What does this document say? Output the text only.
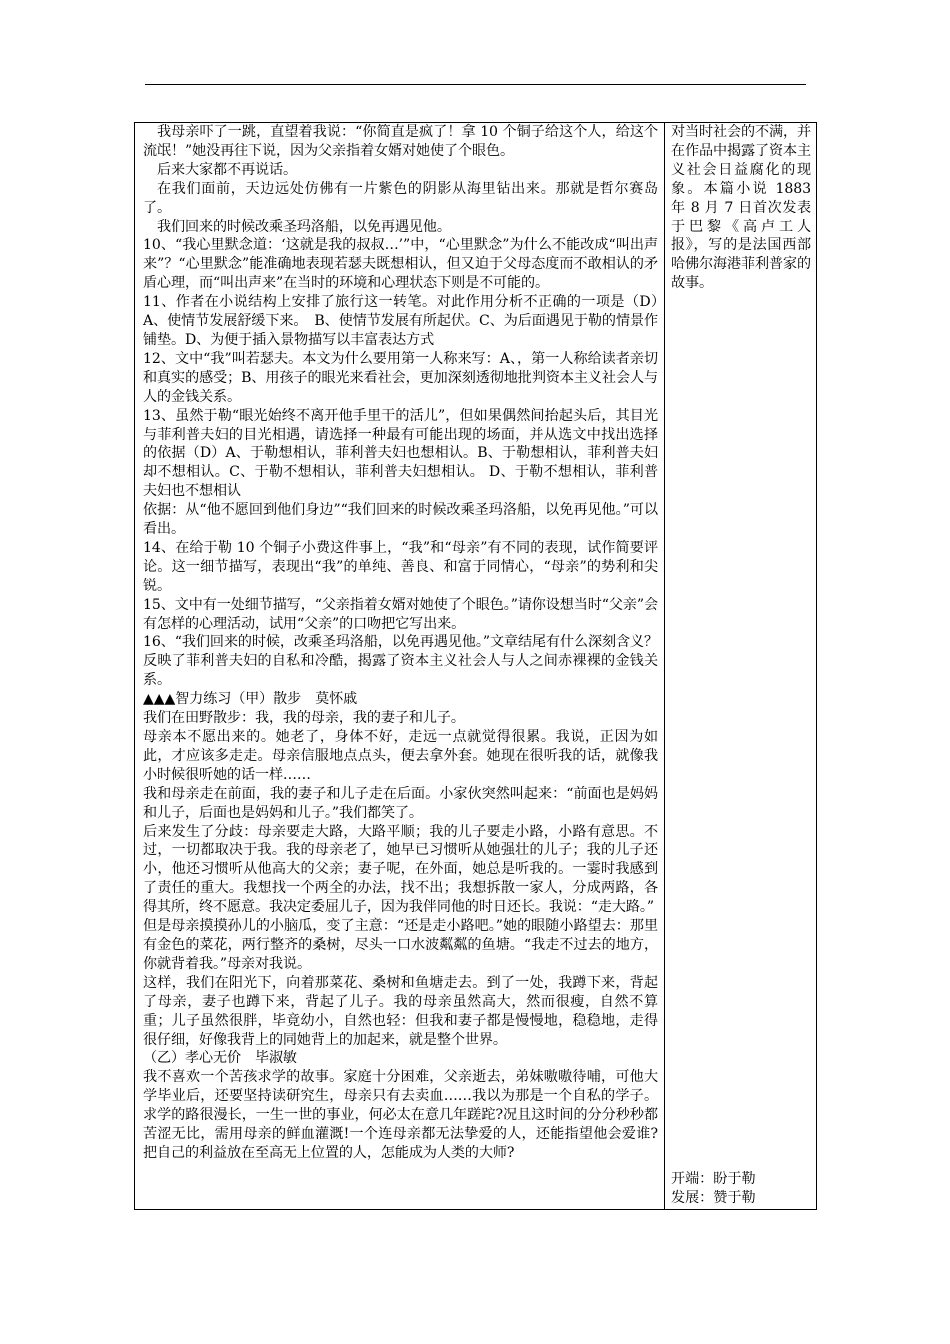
我母亲吓了一跳，直望着我说：“你简直是疯了！拿 10 个铜子给这个人，给这个流氓！”她没再往下说，因为父亲指着女婿对她使了个眼色。

后来大家都不再说话。

在我们面前，天边远处仿佛有一片紫色的阴影从海里钻出来。那就是哲尔赛岛了。

我们回来的时候改乘圣玛洛船，以免再遇见他。

10、“我心里默念道：‘这就是我的叔叔…’”中，“心里默念”为什么不能改成“叫出声来”？“心里默念”能准确地表现若瑟夫既想相认，但又迫于父母态度而不敢相认的矛盾心理，而“叫出声来”在当时的环境和心理状态下则是不可能的。

11、作者在小说结构上安排了旅行这一转笔。对此作用分析不正确的一项是（D）　A、使情节发展舒缓下来。　B、使情节发展有所起伏。C、为后面遇见于勒的情景作铺垫。D、为便于插入景物描写以丰富表达方式

12、文中“我”叫若瑟夫。本文为什么要用第一人称来写：A、，第一人称给读者亲切和真实的感受；B、用孩子的眼光来看社会，更加深刻透彻地批判资本主义社会人与人的金钱关系。

13、虽然于勒“眼光始终不离开他手里干的活儿”，但如果偶然间抬起头后，其目光与菲利普夫妇的目光相遇，请选择一种最有可能出现的场面，并从选文中找出选择的依据（D）A、于勒想相认，菲利普夫妇也想相认。B、于勒想相认，菲利普夫妇却不想相认。C、于勒不想相认，菲利普夫妇想相认。 D、于勒不想相认，菲利普夫妇也不想相认

依据：从“他不愿回到他们身边”“我们回来的时候改乘圣玛洛船，以免再见他。”可以看出。

14、在给于勒 10 个铜子小费这件事上，“我”和“母亲”有不同的表现，试作简要评论。这一细节描写，表现出“我”的单纯、善良、和富于同情心，“母亲”的势利和尖锐。

15、文中有一处细节描写，“父亲指着女婿对她使了个眼色。”请你设想当时“父亲”会有怎样的心理活动，试用“父亲”的口吻把它写出来。

16、“我们回来的时候，改乘圣玛洛船，以免再遇见他。”文章结尾有什么深刻含义？　反映了菲利普夫妇的自私和冷酷，揭露了资本主义社会人与人之间赤裸裸的金钱关系。

▲▲▲智力练习（甲）散步　莫怀戚

我们在田野散步：我，我的母亲，我的妻子和儿子。

母亲本不愿出来的。她老了，身体不好，走远一点就觉得很累。我说，正因为如此，才应该多走走。母亲信服地点点头，便去拿外套。她现在很听我的话，就像我小时候很听她的话一样……

我和母亲走在前面，我的妻子和儿子走在后面。小家伙突然叫起来：“前面也是妈妈和儿子，后面也是妈妈和儿子。”我们都笑了。

后来发生了分歧：母亲要走大路，大路平顺；我的儿子要走小路，小路有意思。不过，一切都取决于我。我的母亲老了，她早已习惯听从她强壮的儿子；我的儿子还小，他还习惯听从他高大的父亲；妻子呢，在外面，她总是听我的。一霎时我感到了责任的重大。我想找一个两全的办法，找不出；我想拆散一家人，分成两路，各得其所，终不愿意。我决定委屈儿子，因为我伴同他的时日还长。我说：“走大路。”

但是母亲摸摸孙儿的小脑瓜，变了主意：“还是走小路吧。”她的眼随小路望去：那里有金色的菜花，两行整齐的桑树，尽头一口水波粼粼的鱼塘。“我走不过去的地方，你就背着我。”母亲对我说。

这样，我们在阳光下，向着那菜花、桑树和鱼塘走去。到了一处，我蹲下来，背起了母亲，妻子也蹲下来，背起了儿子。我的母亲虽然高大，然而很瘦，自然不算重；儿子虽然很胖，毕竟幼小，自然也轻：但我和妻子都是慢慢地，稳稳地，走得很仔细，好像我背上的同她背上的加起来，就是整个世界。

（乙）孝心无价　毕淑敏

我不喜欢一个苦孩求学的故事。家庭十分困难，父亲逝去，弟妹嗷嗷待哺，可他大学毕业后，还要坚持读研究生，母亲只有去卖血……我以为那是一个自私的学子。求学的路很漫长，一生一世的事业，何必太在意几年蹉跎?况且这时间的分分秒秒都苦涩无比，需用母亲的鲜血灌溉!一个连母亲都无法挚爱的人，还能指望他会爱谁?把自己的利益放在至高无上位置的人，怎能成为人类的大师?

对当时社会的不满，并在作品中揭露了资本主义社会日益腐化的现象。本篇小说 1883 年 8 月 7 日首次发表于巴黎《高卢工人报》，写的是法国西部哈佛尔海港菲利普家的故事。

开端：盼于勒

发展：赞于勒
